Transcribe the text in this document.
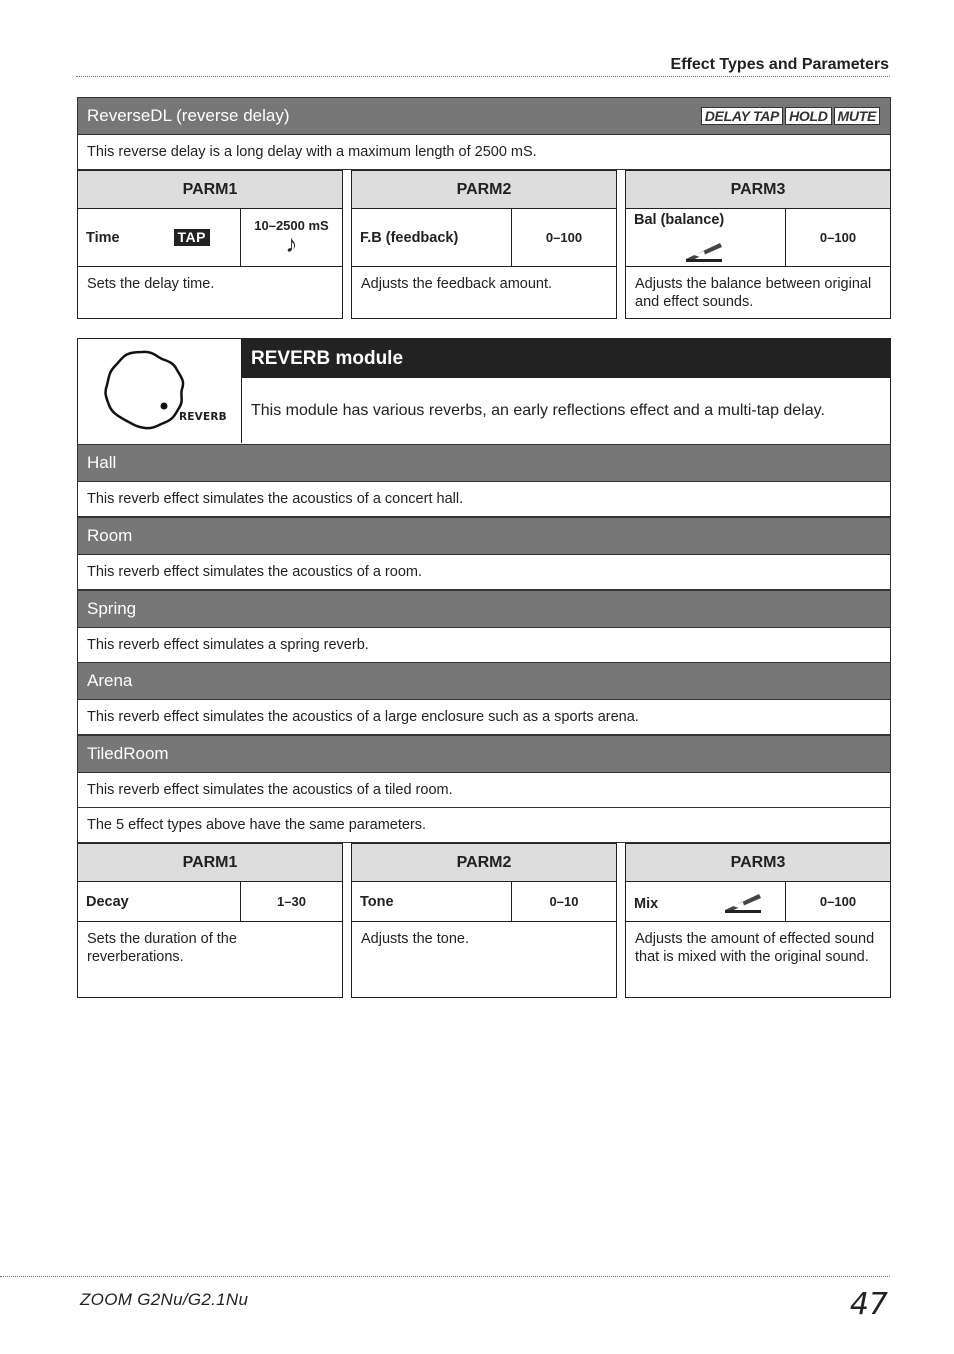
Effect Types and Parameters
ReverseDL (reverse delay)	DELAY TAP HOLD MUTE
This reverse delay is a long delay with a maximum length of 2500 mS.
PARM1
Time	TAP
10–2500 mS
♪
Sets the delay time.
PARM2
F.B (feedback)	0–100
Adjusts the feedback amount.
PARM3
Bal (balance)
0–100
Adjusts the balance between original and effect sounds.
REVERB
REVERB module
This module has various reverbs, an early reflections effect and a multi-tap delay.
Hall
This reverb effect simulates the acoustics of a concert hall.
Room
This reverb effect simulates the acoustics of a room.
Spring
This reverb effect simulates a spring reverb.
Arena
This reverb effect simulates the acoustics of a large enclosure such as a sports arena.
TiledRoom
This reverb effect simulates the acoustics of a tiled room.
The 5 effect types above have the same parameters.
PARM1
Decay	1–30
Sets the duration of the reverberations.
PARM2
Tone	0–10
Adjusts the tone.
PARM3
Mix	0–100
Adjusts the amount of effected sound that is mixed with the original sound.
ZOOM G2Nu/G2.1Nu	47
